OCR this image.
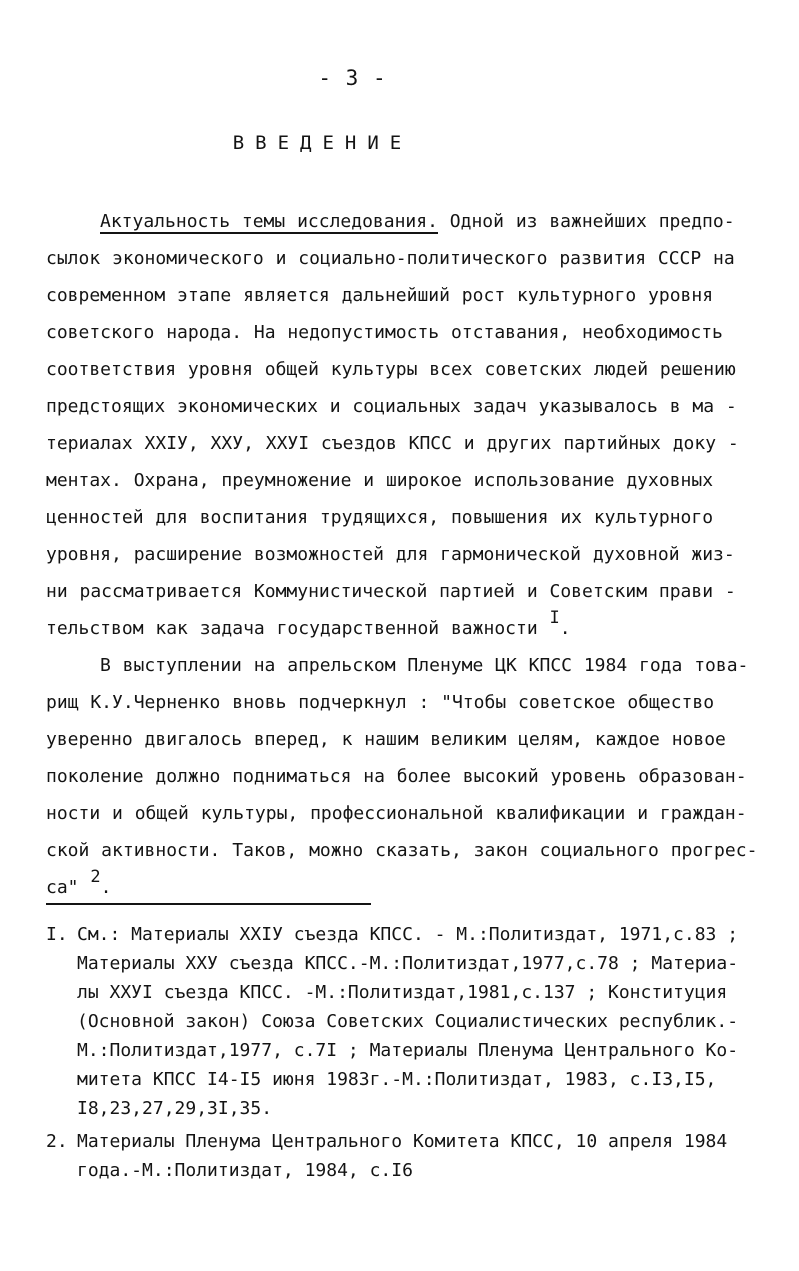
- 3 -
ВВЕДЕНИЕ

Актуальность темы исследования. Одной из важнейших предпо-

сылок экономического и социально-политического развития СССР на

современном этапе является дальнейший рост культурного уровня

советского народа. На недопустимость отставания, необходимость

соответствия уровня общей культуры всех советских людей решению

предстоящих экономических и социальных задач указывалось в ма -

териалах XXIУ, XXУ, XXУI съездов КПСС и других партийных доку -

ментах. Охрана, преумножение и широкое использование духовных

ценностей для воспитания трудящихся, повышения их культурного

уровня, расширение возможностей для гармонической духовной жиз-

ни рассматривается Коммунистической партией и Советским прави -

тельством как задача государственной важности $^I$.

В выступлении на апрельском Пленуме ЦК КПСС 1984 года това-

рищ К.У.Черненко вновь подчеркнул : "Чтобы советское общество

уверенно двигалось вперед, к нашим великим целям, каждое новое

поколение должно подниматься на более высокий уровень образован-

ности и общей культуры, профессиональной квалификации и граждан-

ской активности. Таков, можно сказать, закон социального прогрес-

са" $^2$.

I. См.: Материалы XXIУ съезда КПСС. - М.:Политиздат, 1971,с.83 ;
Материалы XXУ съезда КПСС.-М.:Политиздат,1977,с.78 ; Материа-
лы XXУI съезда КПСС. -М.:Политиздат,1981,с.137 ; Конституция
(Основной закон) Союза Советских Социалистических республик.-
М.:Политиздат,1977, с.7I ; Материалы Пленума Центрального Ко-
митета КПСС I4-I5 июня 1983г.-М.:Политиздат, 1983, с.I3,I5,
I8,23,27,29,3I,35.
2. Материалы Пленума Центрального Комитета КПСС, 10 апреля 1984
года.-М.:Политиздат, 1984, с.I6
